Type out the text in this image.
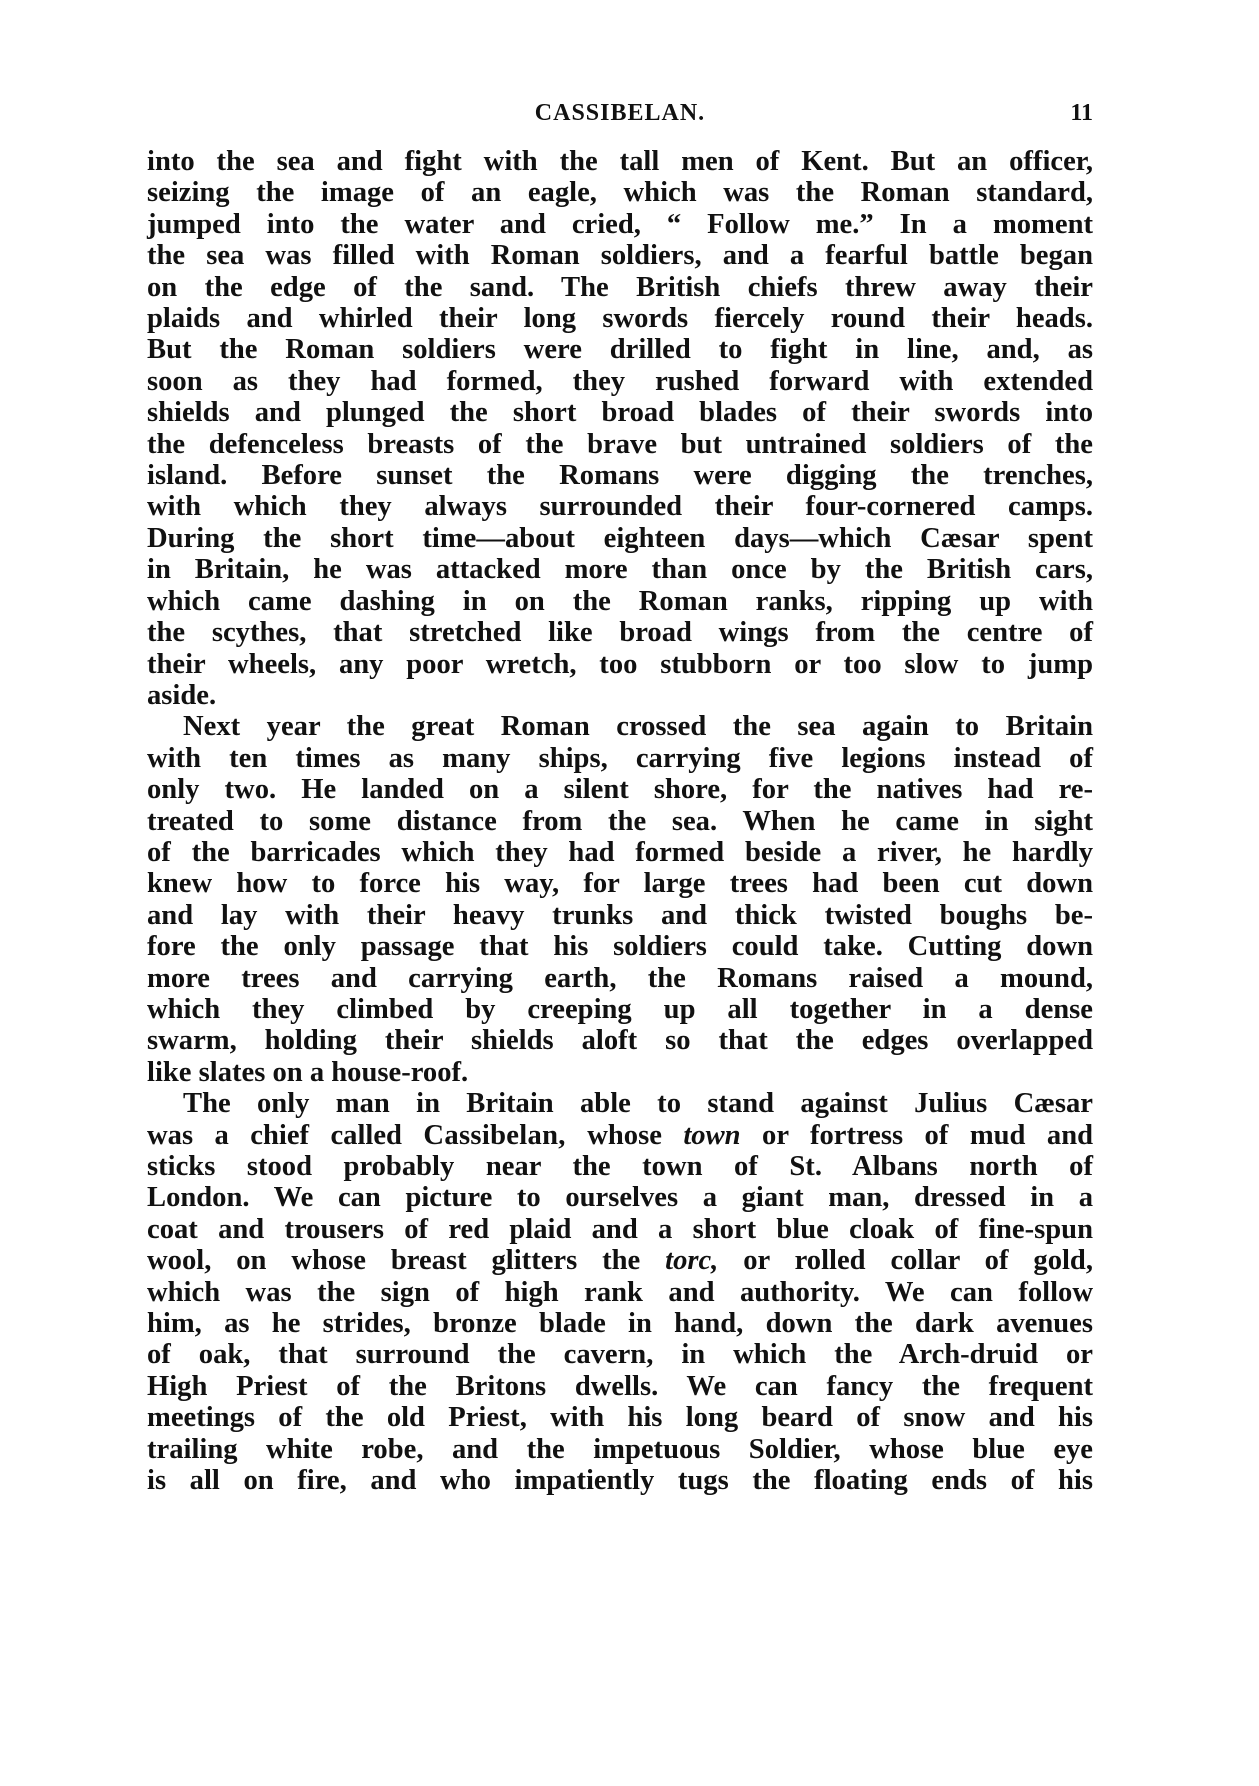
CASSIBELAN.	11
into the sea and fight with the tall men of Kent. But an officer,
seizing the image of an eagle, which was the Roman standard,
jumped into the water and cried, “ Follow me.” In a moment
the sea was filled with Roman soldiers, and a fearful battle began
on the edge of the sand. The British chiefs threw away their
plaids and whirled their long swords fiercely round their heads.
But the Roman soldiers were drilled to fight in line, and, as
soon as they had formed, they rushed forward with extended
shields and plunged the short broad blades of their swords into
the defenceless breasts of the brave but untrained soldiers of the
island. Before sunset the Romans were digging the trenches,
with which they always surrounded their four-cornered camps.
During the short time—about eighteen days—which Cæsar spent
in Britain, he was attacked more than once by the British cars,
which came dashing in on the Roman ranks, ripping up with
the scythes, that stretched like broad wings from the centre of
their wheels, any poor wretch, too stubborn or too slow to jump
aside.
Next year the great Roman crossed the sea again to Britain
with ten times as many ships, carrying five legions instead of
only two. He landed on a silent shore, for the natives had re-
treated to some distance from the sea. When he came in sight
of the barricades which they had formed beside a river, he hardly
knew how to force his way, for large trees had been cut down
and lay with their heavy trunks and thick twisted boughs be-
fore the only passage that his soldiers could take. Cutting down
more trees and carrying earth, the Romans raised a mound,
which they climbed by creeping up all together in a dense
swarm, holding their shields aloft so that the edges overlapped
like slates on a house-roof.
The only man in Britain able to stand against Julius Cæsar
was a chief called Cassibelan, whose town or fortress of mud and
sticks stood probably near the town of St. Albans north of
London. We can picture to ourselves a giant man, dressed in a
coat and trousers of red plaid and a short blue cloak of fine-spun
wool, on whose breast glitters the torc, or rolled collar of gold,
which was the sign of high rank and authority. We can follow
him, as he strides, bronze blade in hand, down the dark avenues
of oak, that surround the cavern, in which the Arch-druid or
High Priest of the Britons dwells. We can fancy the frequent
meetings of the old Priest, with his long beard of snow and his
trailing white robe, and the impetuous Soldier, whose blue eye
is all on fire, and who impatiently tugs the floating ends of his
